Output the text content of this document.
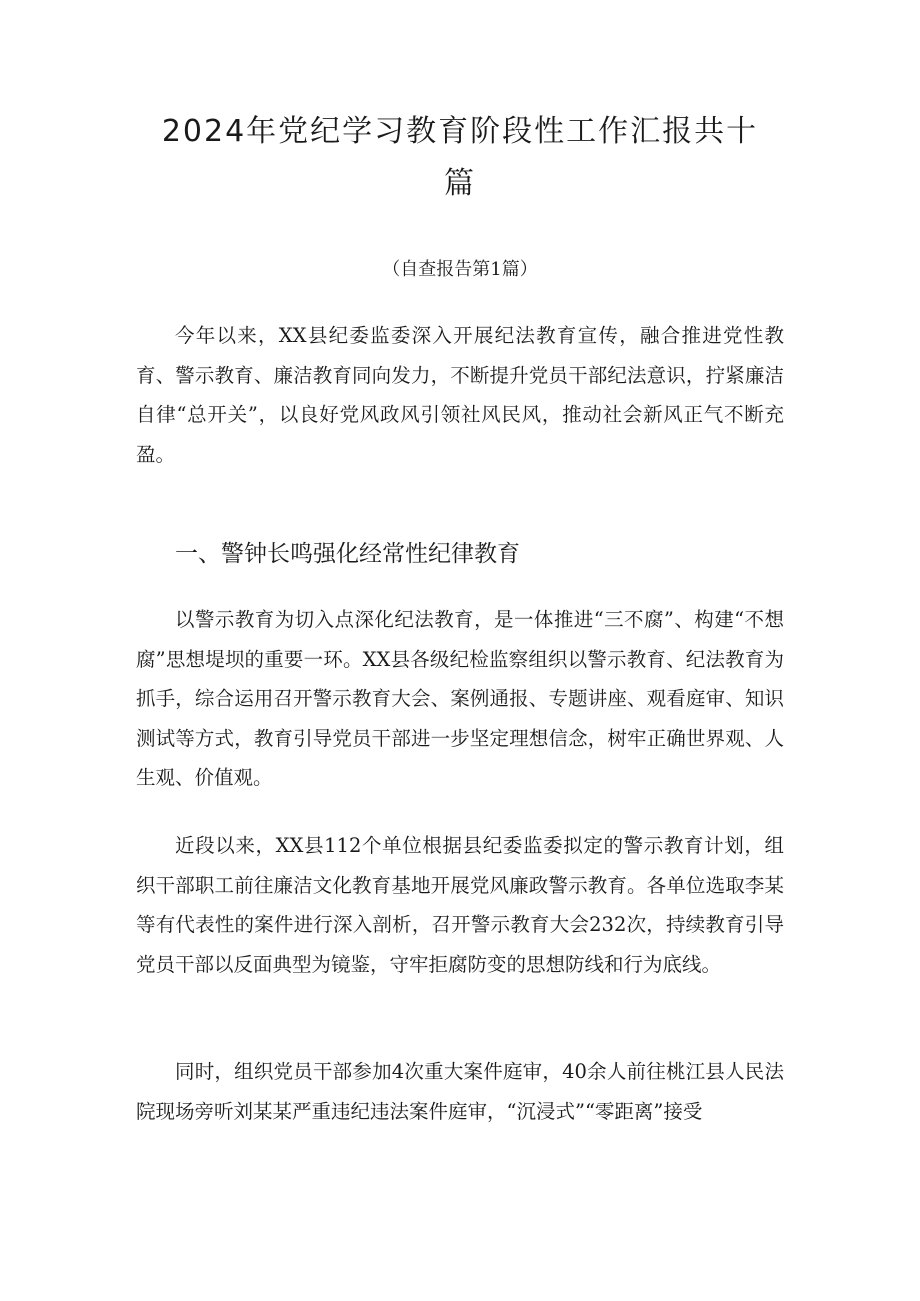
2024年党纪学习教育阶段性工作汇报共十篇

（自查报告第1篇）

今年以来，XX县纪委监委深入开展纪法教育宣传，融合推进党性教育、警示教育、廉洁教育同向发力，不断提升党员干部纪法意识，拧紧廉洁自律“总开关”，以良好党风政风引领社风民风，推动社会新风正气不断充盈。

一、警钟长鸣强化经常性纪律教育

以警示教育为切入点深化纪法教育，是一体推进“三不腐”、构建“不想腐”思想堤坝的重要一环。XX县各级纪检监察组织以警示教育、纪法教育为抓手，综合运用召开警示教育大会、案例通报、专题讲座、观看庭审、知识测试等方式，教育引导党员干部进一步坚定理想信念，树牢正确世界观、人生观、价值观。

近段以来，XX县112个单位根据县纪委监委拟定的警示教育计划，组织干部职工前往廉洁文化教育基地开展党风廉政警示教育。各单位选取李某等有代表性的案件进行深入剖析，召开警示教育大会232次，持续教育引导党员干部以反面典型为镜鉴，守牢拒腐防变的思想防线和行为底线。

同时，组织党员干部参加4次重大案件庭审，40余人前往桃江县人民法院现场旁听刘某某严重违纪违法案件庭审，“沉浸式”“零距离”接受
